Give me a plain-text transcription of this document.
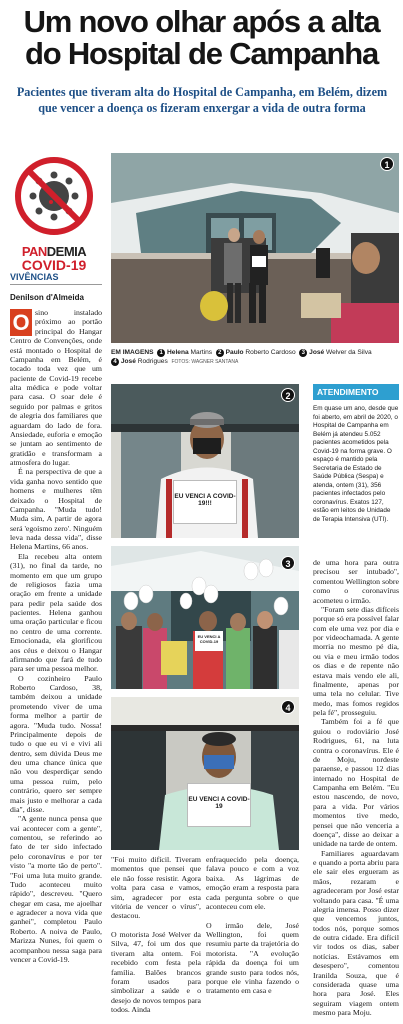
Um novo olhar após a alta do Hospital de Campanha
Pacientes que tiveram alta do Hospital de Campanha, em Belém, dizem que vencer a doença os fizeram enxergar a vida de outra forma
PANDEMIA
COVID-19
VIVÊNCIAS
Denilson d'Almeida

O sino instalado próximo ao portão principal do Hangar Centro de Convenções, onde está montado o Hospital de Campanha em Belém, é tocado toda vez que um paciente de Covid-19 recebe alta médica e pode voltar para casa. O soar dele é seguido por palmas e gritos de alegria dos familiares que aguardam do lado de fora. Ansiedade, euforia e emoção se juntam ao sentimento de gratidão e transformam a atmosfera do lugar.

É na perspectiva de que a vida ganha novo sentido que homens e mulheres têm deixado o Hospital de Campanha. "Muda tudo! Muda sim, A partir de agora será 'egoísmo zero'. Ninguém leva nada dessa vida", disse Helena Martins, 66 anos.

Ela recebeu alta ontem (31), no final da tarde, no momento em que um grupo de religiosos fazia uma oração em frente a unidade para pedir pela saúde dos pacientes. Helena ganhou uma oração particular e ficou no centro de uma corrente. Emocionada, ela glorificou aos céus e deixou o Hangar afirmando que fará de tudo para ser uma pessoa melhor.

O cozinheiro Paulo Roberto Cardoso, 38, também deixou a unidade prometendo viver de uma forma melhor a partir de agora. "Muda tudo. Nossa! Principalmente depois de tudo o que eu vi e vivi ali dentro, sem dúvida Deus me deu uma chance única que não vou desperdiçar sendo uma pessoa ruim, pelo contrário, quero ser sempre mais justo e melhorar a cada dia", disse.

"A gente nunca pensa que vai acontecer com a gente", comentou, se referindo ao fato de ter sido infectado pelo coronavírus e por ter visto "a morte tão de perto". "Foi uma luta muito grande. Tudo aconteceu muito rápido", descreveu. "Quero chegar em casa, me ajoelhar e agradecer a nova vida que ganhei", completou Paulo Roberto. A noiva de Paulo, Marizza Nunes, foi quem o acompanhou nessa saga para vencer a Covid-19.

1
EM IMAGENS 1 Helena Martins 2 Paulo Roberto Cardoso 3 José Welver da Silva
4 José Rodrigues FOTOS: WAGNER SANTANA
EU VENCI A COVID-19!!!
2	ATENDIMENTO
Em quase um ano, desde que foi aberto, em abril de 2020, o Hospital de Campanha em Belém já atendeu 5.052 pacientes acometidos pela Covid-19 na forma grave. O espaço é mantido pela Secretaria de Estado de Saúde Pública (Sespa) e atenda, ontem (31), 356 pacientes infectados pelo coronavírus. Exatos 127, estão em leitos de Unidade de Terapia Intensiva (UTI).
EU VENCI A COVID-19
3
EU VENCI A COVID-19
4

"Foi muito difícil. Tiveram momentos que pensei que ele não fosse resistir. Agora volta para casa e vamos, sim, agradecer por esta vitória de vencer o vírus", destacou.

O motorista José Welver da Silva, 47, foi um dos que tiveram alta ontem. Foi recebido com festa pela família. Balões brancos foram usados para simbolizar a saúde e o desejo de novos tempos para todos. Ainda

enfraquecido pela doença, falava pouco e com a voz baixa. As lágrimas de emoção eram a resposta para cada pergunta sobre o que aconteceu com ele.

O irmão dele, José Wellington, foi quem resumiu parte da trajetória do motorista. "A evolução rápida da doença foi um grande susto para todos nós, porque ele vinha fazendo o tratamento em casa e

de uma hora para outra precisou ser intubado", comentou Wellington sobre como o coronavírus acometeu o irmão.

"Foram sete dias difíceis porque só era possível falar com ele uma vez por dia e por videochamada. A gente morria no mesmo pé dia, ou via e meu irmão todos os dias e de repente não estava mais vendo ele ali, finalmente, apenas por uma tela no celular. Tive medo, mas fomos regidos pela fé", prosseguiu.

Também foi a fé que guiou o rodoviário José Rodrigues, 61, na luta contra o coronavírus. Ele é de Moju, nordeste paraense, e passou 12 dias internado no Hospital de Campanha em Belém. "Eu estou nascendo, de novo, para a vida. Por vários momentos tive medo, pensei que não venceria a doença", disse ao deixar a unidade na tarde de ontem.

Familiares aguardavam e quando a porta abriu para ele sair eles ergueram as mãos, rezaram e agradeceram por José estar voltando para casa. "É uma alegria imensa. Posso dizer que vencemos juntos, todos nós, porque somos de outra cidade. Era difícil vir todos os dias, saber notícias. Estávamos em desespero", comentou Iranilda Souza, que é considerada quase uma hora para José. Eles seguiram viagem ontem mesmo para Moju.
